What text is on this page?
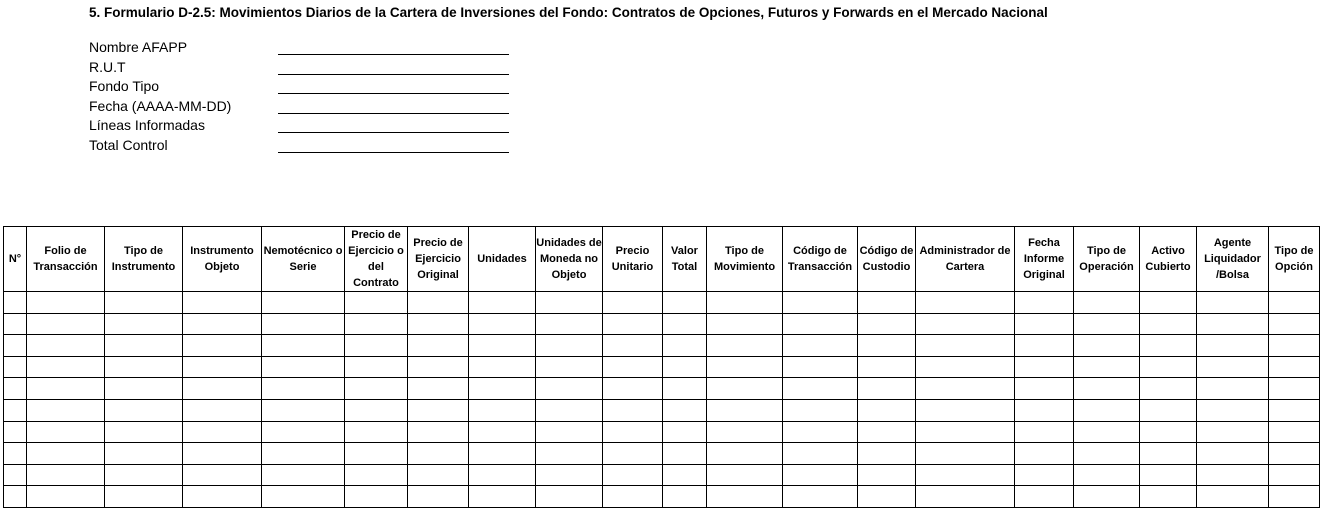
5. Formulario D-2.5: Movimientos Diarios de la Cartera de Inversiones del Fondo: Contratos de Opciones, Futuros y Forwards en el Mercado Nacional
Nombre AFAPP
R.U.T
Fondo Tipo
Fecha (AAAA-MM-DD)
Líneas Informadas
Total Control
N°	Folio de Transacción	Tipo de Instrumento	Instrumento Objeto	Nemotécnico o Serie	Precio de Ejercicio o del Contrato	Precio de Ejercicio Original	Unidades	Unidades de Moneda no Objeto	Precio Unitario	Valor Total	Tipo de Movimiento	Código de Transacción	Código de Custodio	Administrador de Cartera	Fecha Informe Original	Tipo de Operación	Activo Cubierto	Agente Liquidador /Bolsa	Tipo de Opción
